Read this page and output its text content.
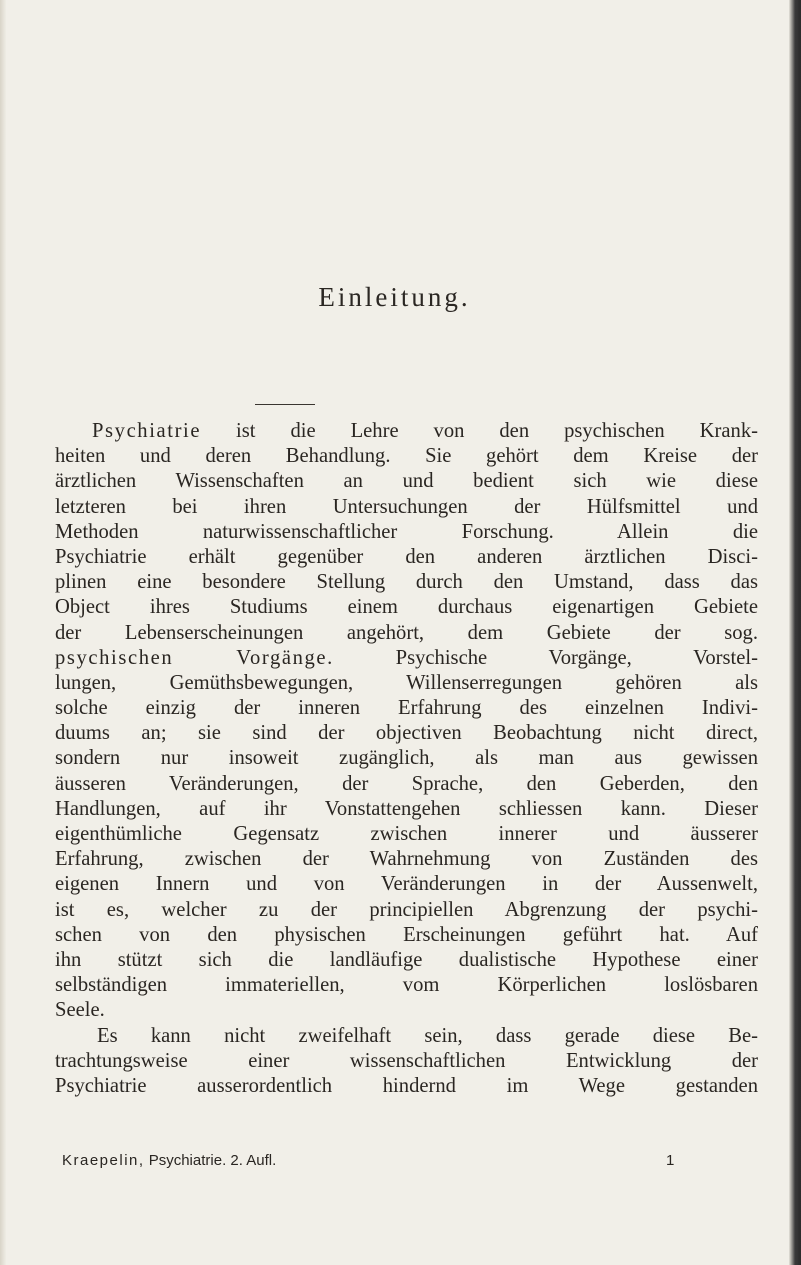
Einleitung.
Psychiatrie ist die Lehre von den psychischen Krank-
heiten und deren Behandlung. Sie gehört dem Kreise der
ärztlichen Wissenschaften an und bedient sich wie diese
letzteren bei ihren Untersuchungen der Hülfsmittel und
Methoden naturwissenschaftlicher Forschung. Allein die
Psychiatrie erhält gegenüber den anderen ärztlichen Disci-
plinen eine besondere Stellung durch den Umstand, dass das
Object ihres Studiums einem durchaus eigenartigen Gebiete
der Lebenserscheinungen angehört, dem Gebiete der sog.
psychischen Vorgänge. Psychische Vorgänge, Vorstel-
lungen, Gemüthsbewegungen, Willenserregungen gehören als
solche einzig der inneren Erfahrung des einzelnen Indivi-
duums an; sie sind der objectiven Beobachtung nicht direct,
sondern nur insoweit zugänglich, als man aus gewissen
äusseren Veränderungen, der Sprache, den Geberden, den
Handlungen, auf ihr Vonstattengehen schliessen kann. Dieser
eigenthümliche Gegensatz zwischen innerer und äusserer
Erfahrung, zwischen der Wahrnehmung von Zuständen des
eigenen Innern und von Veränderungen in der Aussenwelt,
ist es, welcher zu der principiellen Abgrenzung der psychi-
schen von den physischen Erscheinungen geführt hat. Auf
ihn stützt sich die landläufige dualistische Hypothese einer
selbständigen immateriellen, vom Körperlichen loslösbaren
Seele.
Es kann nicht zweifelhaft sein, dass gerade diese Be-
trachtungsweise einer wissenschaftlichen Entwicklung der
Psychiatrie ausserordentlich hindernd im Wege gestanden
Kraepelin, Psychiatrie. 2. Aufl.	1
